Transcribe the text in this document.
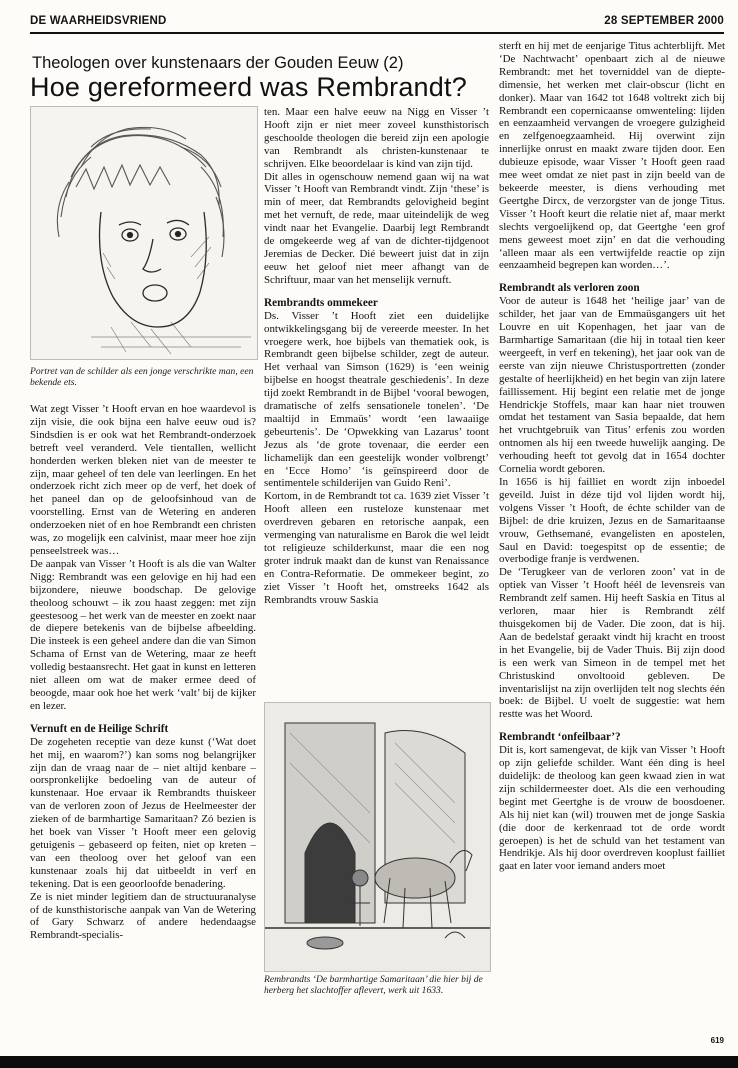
DE WAARHEIDSVRIEND	28 SEPTEMBER 2000
Theologen over kunstenaars der Gouden Eeuw (2)
Hoe gereformeerd was Rembrandt?
Portret van de schilder als een jonge verschrikte man, een bekende ets.

Wat zegt Visser ’t Hooft ervan en hoe waardevol is zijn visie, die ook bijna een halve eeuw oud is? Sindsdien is er ook wat het Rembrandt-onderzoek betreft veel veranderd. Vele tientallen, wellicht honderden werken bleken niet van de meester te zijn, maar geheel of ten dele van leerlingen. En het onderzoek richt zich meer op de verf, het doek of het paneel dan op de geloofsinhoud van de voorstelling. Ernst van de Wetering en anderen onderzoeken niet of en hoe Rembrandt een christen was, zo mogelijk een calvinist, maar meer hoe zijn penseelstreek was…

De aanpak van Visser ’t Hooft is als die van Walter Nigg: Rembrandt was een gelovige en hij had een bijzondere, nieuwe boodschap. De gelovige theoloog schouwt – ik zou haast zeggen: met zijn geestesoog – het werk van de meester en zoekt naar de diepere betekenis van de bijbelse afbeelding. Die insteek is een geheel andere dan die van Simon Schama of Ernst van de Wetering, maar ze heeft volledig bestaansrecht. Het gaat in kunst en letteren niet alleen om wat de maker ermee deed of beoogde, maar ook hoe het werk ‘valt’ bij de kijker en lezer.

Vernuft en de Heilige Schrift

De zogeheten receptie van deze kunst (‘Wat doet het mij, en waarom?’) kan soms nog belangrijker zijn dan de vraag naar de – niet altijd kenbare – oorspronkelijke bedoeling van de auteur of kunstenaar. Hoe ervaar ik Rembrandts thuiskeer van de verloren zoon of Jezus de Heelmeester der zieken of de barmhartige Samaritaan? Zó bezien is het boek van Visser ’t Hooft meer een gelovig getuigenis – gebaseerd op feiten, niet op kreten – van een theoloog over het geloof van een kunstenaar zoals hij dat uitbeeldt in verf en tekening. Dat is een geoorloofde benadering.

Ze is niet minder legitiem dan de structuuranalyse of de kunsthistorische aanpak van Van de Wetering of Gary Schwarz of andere hedendaagse Rembrandt-specialis-

ten. Maar een halve eeuw na Nigg en Visser ’t Hooft zijn er niet meer zoveel kunsthistorisch geschoolde theologen die bereid zijn een apologie van Rembrandt als christen-kunstenaar te schrijven. Elke beoordelaar is kind van zijn tijd.

Dit alles in ogenschouw nemend gaan wij na wat Visser ’t Hooft van Rembrandt vindt. Zijn ‘these’ is min of meer, dat Rembrandts gelovigheid begint met het vernuft, de rede, maar uiteindelijk de weg vindt naar het Evangelie. Daarbij legt Rembrandt de omgekeerde weg af van de dichter-tijdgenoot Jeremias de Decker. Dié beweert juist dat in zijn eeuw het geloof niet meer afhangt van de Schriftuur, maar van het menselijk vernuft.

Rembrandts ommekeer

Ds. Visser ’t Hooft ziet een duidelijke ontwikkelingsgang bij de vereerde meester. In het vroegere werk, hoe bijbels van thematiek ook, is Rembrandt geen bijbelse schilder, zegt de auteur. Het verhaal van Simson (1629) is ‘een weinig bijbelse en hoogst theatrale geschiedenis’. In deze tijd zoekt Rembrandt in de Bijbel ‘vooral bewogen, dramatische of zelfs sensationele tonelen’. ‘De maaltijd in Emmaüs’ wordt ‘een lawaaiige gebeurtenis’. De ‘Opwekking van Lazarus’ toont Jezus als ‘de grote tovenaar, die eerder een lichamelijk dan een geestelijk wonder volbrengt’ en ‘Ecce Homo’ ‘is geïnspireerd door de sentimentele schilderijen van Guido Reni’.

Kortom, in de Rembrandt tot ca. 1639 ziet Visser ’t Hooft alleen een rusteloze kunstenaar met overdreven gebaren en retorische aanpak, een vermenging van naturalisme en Barok die wel leidt tot religieuze schilderkunst, maar die een nog groter indruk maakt dan de kunst van Renaissance en Contra-Reformatie. De ommekeer begint, zo ziet Visser ’t Hooft het, omstreeks 1642 als Rembrandts vrouw Saskia

Rembrandts ‘De barmhartige Samaritaan’ die hier bij de herberg het slachtoffer aflevert, werk uit 1633.

sterft en hij met de eenjarige Titus achterblijft. Met ‘De Nachtwacht’ openbaart zich al de nieuwe Rembrandt: met het toverniddel van de diepte-dimensie, het werken met clair-obscur (licht en donker). Maar van 1642 tot 1648 voltrekt zich bij Rembrandt een copernicaanse omwenteling: lijden en eenzaamheid vervangen de vroegere gulzigheid en zelfgenoegzaamheid. Hij overwint zijn innerlijke onrust en maakt zware tijden door. Een dubieuze episode, waar Visser ’t Hooft geen raad mee weet omdat ze niet past in zijn beeld van de bekeerde meester, is diens verhouding met Geertghe Dircx, de verzorgster van de jonge Titus. Visser ’t Hooft keurt die relatie niet af, maar merkt slechts vergoelijkend op, dat Geertghe ‘een grof mens geweest moet zijn’ en dat die verhouding ‘alleen maar als een vertwijfelde reactie op zijn eenzaamheid begrepen kan worden…’.

Rembrandt als verloren zoon

Voor de auteur is 1648 het ‘heilige jaar’ van de schilder, het jaar van de Emmaüsgangers uit het Louvre en uit Kopenhagen, het jaar van de Barmhartige Samaritaan (die hij in totaal tien keer weergeeft, in verf en tekening), het jaar ook van de eerste van zijn nieuwe Christusportretten (zonder gestalte of heerlijkheid) en het begin van zijn latere faillissement. Hij begint een relatie met de jonge Hendrickje Stoffels, maar kan haar niet trouwen omdat het testament van Sasia bepaalde, dat hem het vruchtgebruik van Titus’ erfenis zou worden ontnomen als hij een tweede huwelijk aanging. De verhouding heeft tot gevolg dat in 1654 dochter Cornelia wordt geboren.

In 1656 is hij failliet en wordt zijn inboedel geveild. Juist in déze tijd vol lijden wordt hij, volgens Visser ’t Hooft, de échte schilder van de Bijbel: de drie kruizen, Jezus en de Samaritaanse vrouw, Gethsemané, evangelisten en apostelen, Saul en David: toegespitst op de essentie; de overbodige franje is verdwenen.

De ‘Terugkeer van de verloren zoon’ vat in de optiek van Visser ’t Hooft héél de levensreis van Rembrandt zelf samen. Hij heeft Saskia en Titus al verloren, maar hier is Rembrandt zélf thuisgekomen bij de Vader. Die zoon, dat is hij. Aan de bedelstaf geraakt vindt hij kracht en troost in het Evangelie, bij de Vader Thuis. Bij zijn dood is een werk van Simeon in de tempel met het Christuskind onvoltooid gebleven. De inventarislijst na zijn overlijden telt nog slechts één boek: de Bijbel. U voelt de suggestie: wat hem restte was het Woord.

Rembrandt ‘onfeilbaar’?

Dit is, kort samengevat, de kijk van Visser ’t Hooft op zijn geliefde schilder. Want één ding is heel duidelijk: de theoloog kan geen kwaad zien in wat zijn schildermeester doet. Als die een verhouding begint met Geertghe is de vrouw de boosdoener. Als hij niet kan (wil) trouwen met de jonge Saskia (die door de kerkenraad tot de orde wordt geroepen) is het de schuld van het testament van Hendrikje. Als hij door overdreven kooplust failliet gaat en later voor iemand anders moet

619
